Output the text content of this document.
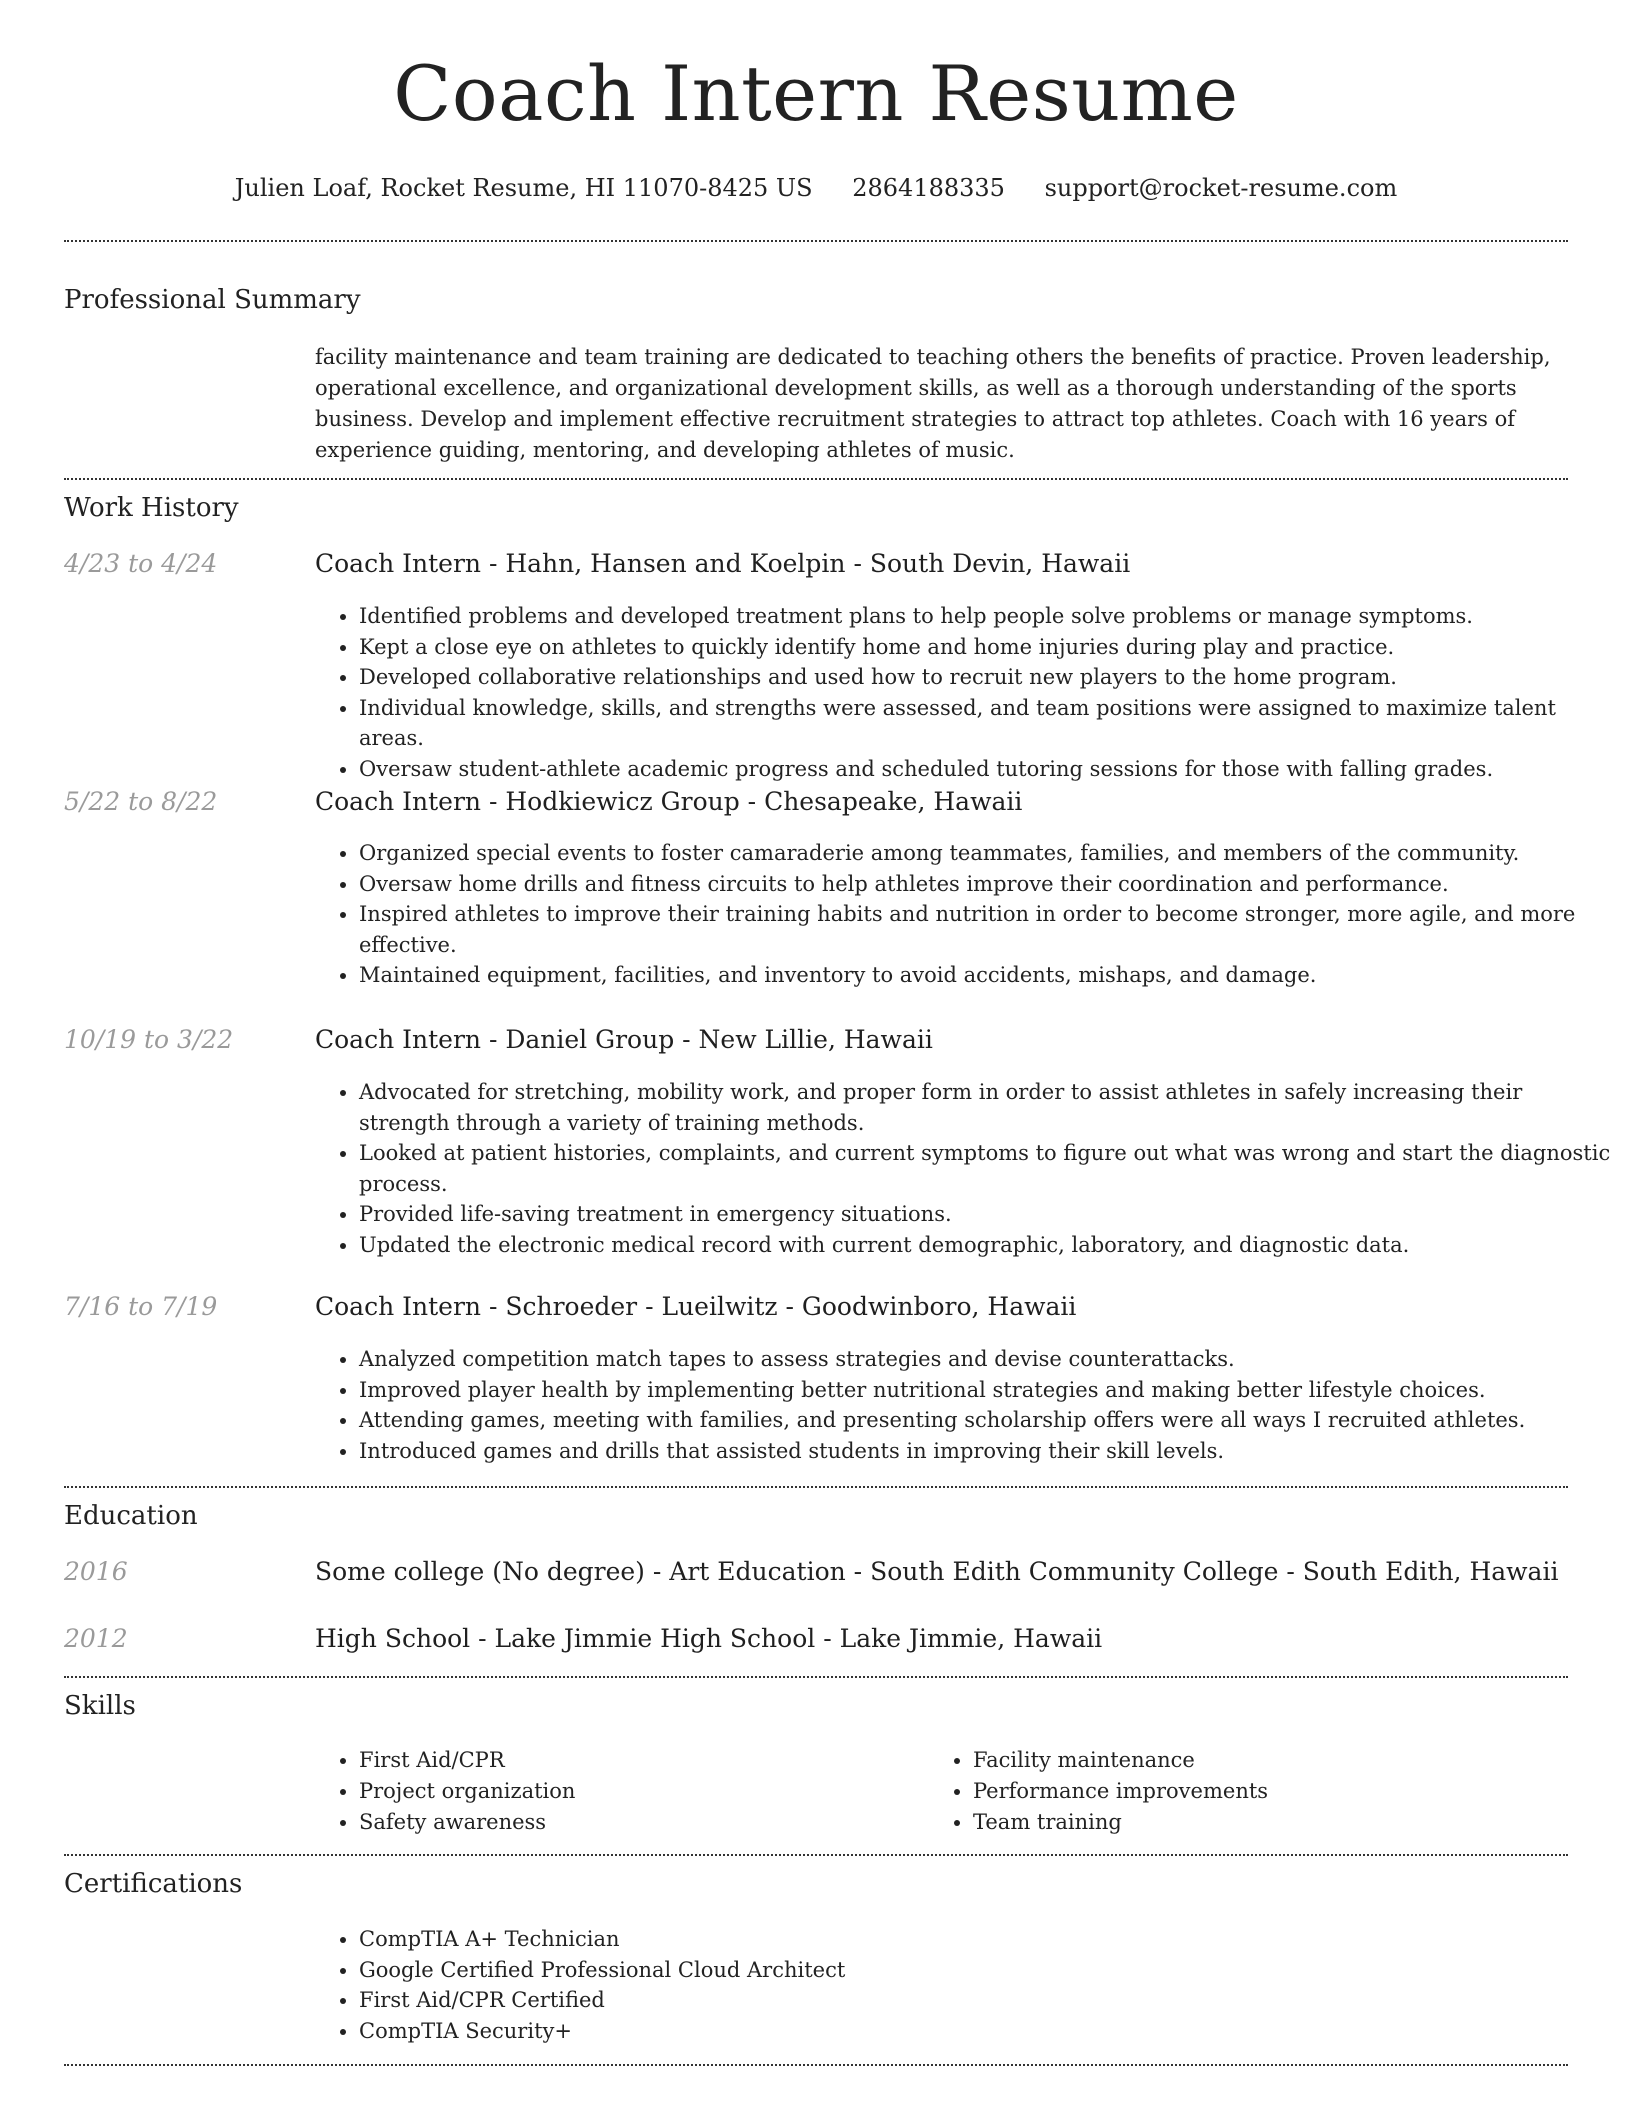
Coach Intern Resume
Julien Loaf, Rocket Resume, HI 11070-8425 US 2864188335 support@rocket-resume.com
Professional Summary

facility maintenance and team training are dedicated to teaching others the benefits of practice. Proven leadership, operational excellence, and organizational development skills, as well as a thorough understanding of the sports business. Develop and implement effective recruitment strategies to attract top athletes. Coach with 16 years of experience guiding, mentoring, and developing athletes of music.

Work History
4/23 to 4/24	Coach Intern - Hahn, Hansen and Koelpin - South Devin, Hawaii
• Identified problems and developed treatment plans to help people solve problems or manage symptoms.
• Kept a close eye on athletes to quickly identify home and home injuries during play and practice.
• Developed collaborative relationships and used how to recruit new players to the home program.
• Individual knowledge, skills, and strengths were assessed, and team positions were assigned to maximize talent areas.
• Oversaw student-athlete academic progress and scheduled tutoring sessions for those with falling grades.
5/22 to 8/22	Coach Intern - Hodkiewicz Group - Chesapeake, Hawaii
• Organized special events to foster camaraderie among teammates, families, and members of the community.
• Oversaw home drills and fitness circuits to help athletes improve their coordination and performance.
• Inspired athletes to improve their training habits and nutrition in order to become stronger, more agile, and more effective.
• Maintained equipment, facilities, and inventory to avoid accidents, mishaps, and damage.
10/19 to 3/22	Coach Intern - Daniel Group - New Lillie, Hawaii
• Advocated for stretching, mobility work, and proper form in order to assist athletes in safely increasing their strength through a variety of training methods.
• Looked at patient histories, complaints, and current symptoms to figure out what was wrong and start the diagnostic process.
• Provided life-saving treatment in emergency situations.
• Updated the electronic medical record with current demographic, laboratory, and diagnostic data.
7/16 to 7/19	Coach Intern - Schroeder - Lueilwitz - Goodwinboro, Hawaii
• Analyzed competition match tapes to assess strategies and devise counterattacks.
• Improved player health by implementing better nutritional strategies and making better lifestyle choices.
• Attending games, meeting with families, and presenting scholarship offers were all ways I recruited athletes.
• Introduced games and drills that assisted students in improving their skill levels.
Education
2016	Some college (No degree) - Art Education - South Edith Community College - South Edith, Hawaii
2012	High School - Lake Jimmie High School - Lake Jimmie, Hawaii
Skills
• First Aid/CPR
• Project organization
• Safety awareness
• Facility maintenance
• Performance improvements
• Team training
Certifications
• CompTIA A+ Technician
• Google Certified Professional Cloud Architect
• First Aid/CPR Certified
• CompTIA Security+
